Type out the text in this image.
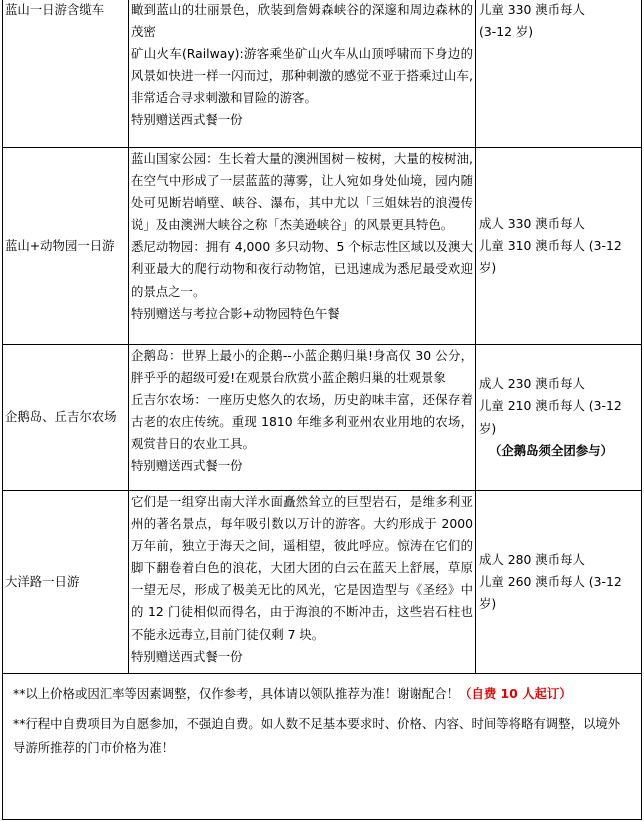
蓝山一日游含缆车	瞰到蓝山的壮丽景色，欣装到詹姆森峡谷的深邃和周边森林的茂密
矿山火车(Railway):游客乘坐矿山火车从山顶呼啸而下身边的风景如快进一样一闪而过，那种刺激的感觉不亚于搭乘过山车,非常适合寻求刺激和冒险的游客。
特别赠送西式餐一份	儿童 330 澳币每人
(3-12 岁)

蓝山+动物园一日游	蓝山国家公园：生长着大量的澳洲国树－桉树，大量的桉树油,在空气中形成了一层蓝蓝的薄雾，让人宛如身处仙境，园内随处可见断岩峭壁、峡谷、瀑布，其中尤以「三姐妹岩的浪漫传说」及由澳洲大峡谷之称「杰美逊峡谷」的风景更具特色。
悉尼动物园：拥有 4,000 多只动物、5 个标志性区域以及澳大利亚最大的爬行动物和夜行动物馆，已迅速成为悉尼最受欢迎的景点之一。
特别赠送与考拉合影+动物园特色午餐	成人 330 澳币每人
儿童 310 澳币每人 (3-12 岁)

企鹅岛、丘吉尔农场	企鹅岛：世界上最小的企鹅--小蓝企鹅归巢!身高仅 30 公分，胖乎乎的超级可爱!在观景台欣赏小蓝企鹅归巢的壮观景象
丘吉尔农场：一座历史悠久的农场，历史韵味丰富，还保存着古老的农庄传统。重现 1810 年维多利亚州农业用地的农场，观赏昔日的农业工具。
特别赠送西式餐一份	成人 230 澳币每人
儿童 210 澳币每人 (3-12 岁)
（企鹅岛须全团参与）

大洋路一日游	它们是一组穿出南大洋水面矗然耸立的巨型岩石，是维多利亚州的著名景点，每年吸引数以万计的游客。大约形成于 2000 万年前，独立于海天之间，遥相望，彼此呼应。惊涛在它们的脚下翻卷着白色的浪花，大团大团的白云在蓝天上舒展，草原一望无尽，形成了极美无比的风光，它是因造型与《圣经》中的 12 门徒相似而得名，由于海浪的不断冲击，这些岩石柱也不能永远毒立,目前门徒仅剩 7 块。
特别赠送西式餐一份	成人 280 澳币每人
儿童 260 澳币每人 (3-12 岁)

**以上价格或因汇率等因素调整，仅作参考，具体请以领队推荐为准！谢谢配合！（自费 10 人起订）
**行程中自费项目为自愿参加，不强迫自费。如人数不足基本要求时、价格、内容、时间等将略有调整，以境外导游所推荐的门市价格为准！		
